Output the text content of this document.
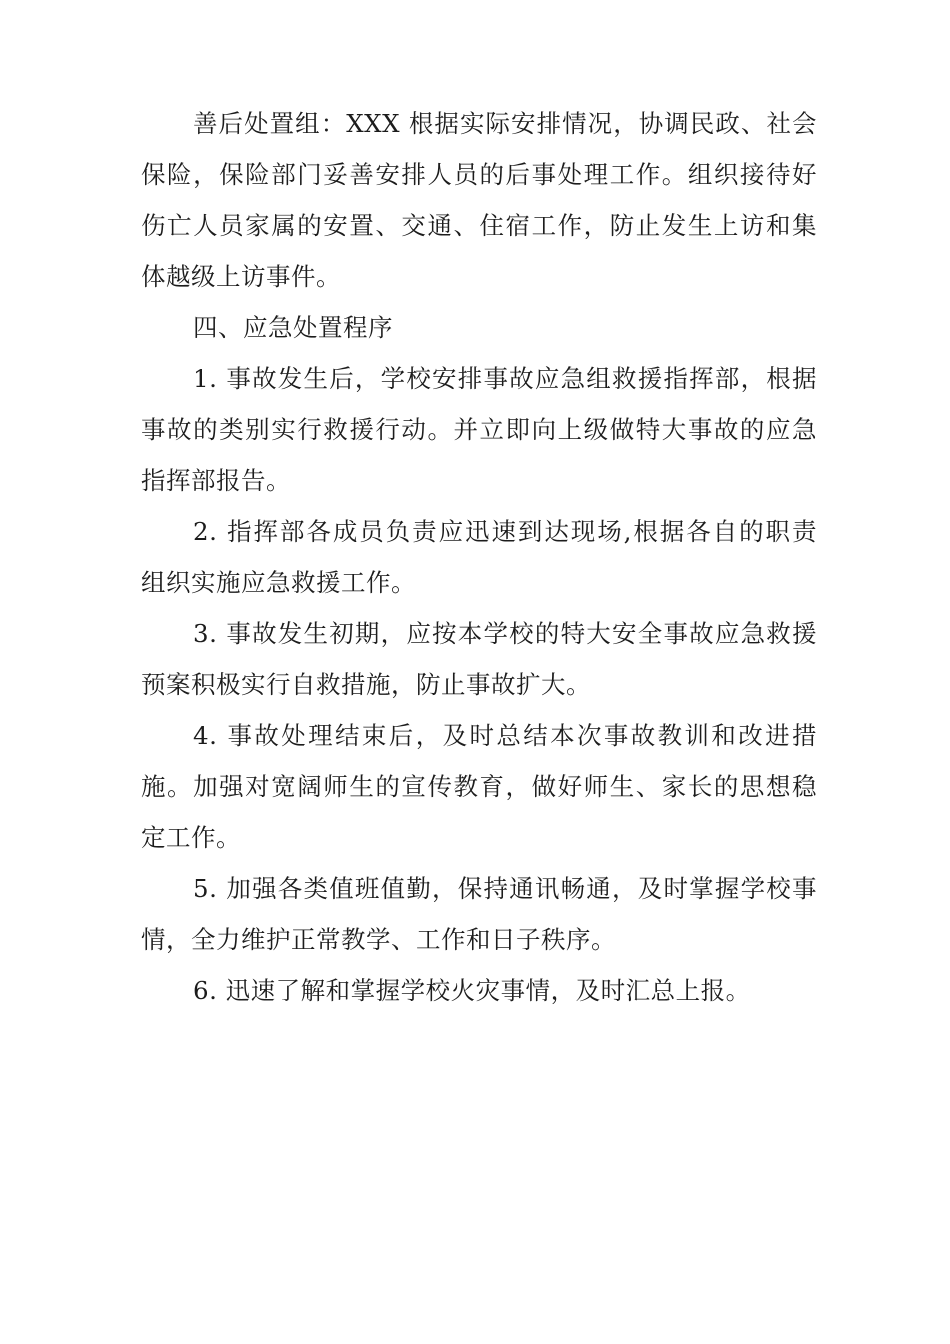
善后处置组：XXX 根据实际安排情况，协调民政、社会 保险，保险部门妥善安排人员的后事处理工作。组织接待好 伤亡人员家属的安置、交通、住宿工作，防止发生上访和集 体越级上访事件。

四、应急处置程序

1. 事故发生后，学校安排事故应急组救援指挥部，根据事故的类别实行救援行动。并立即向上级做特大事故的应急 指挥部报告。

2. 指挥部各成员负责应迅速到达现场,根据各自的职责 组织实施应急救援工作。

3. 事故发生初期，应按本学校的特大安全事故应急救援预案积极实行自救措施，防止事故扩大。

4. 事故处理结束后，及时总结本次事故教训和改进措施。加强对宽阔师生的宣传教育，做好师生、家长的思想稳 定工作。

5. 加强各类值班值勤，保持通讯畅通，及时掌握学校事情，全力维护正常教学、工作和日子秩序。

6. 迅速了解和掌握学校火灾事情，及时汇总上报。
